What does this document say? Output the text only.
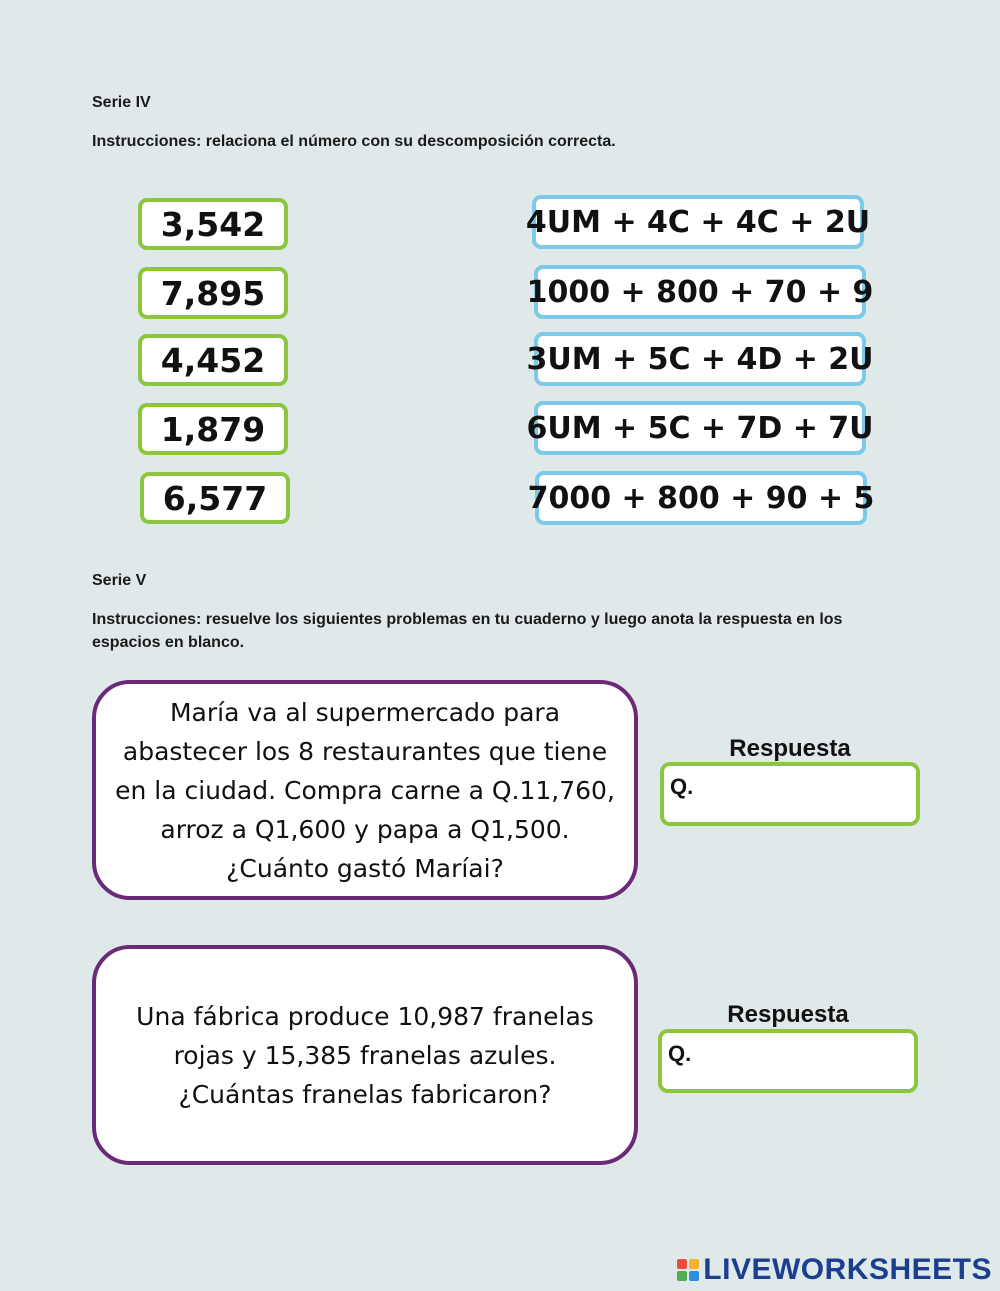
Serie IV
Instrucciones: relaciona el número con su descomposición correcta.
3,542
7,895
4,452
1,879
6,577
4UM + 4C + 4C + 2U
1000 + 800 + 70 + 9
3UM + 5C + 4D + 2U
6UM + 5C + 7D + 7U
7000 + 800 + 90 + 5
Serie V
Instrucciones: resuelve los siguientes problemas en tu cuaderno y luego anota la respuesta en los espacios en blanco.
María va al supermercado para abastecer los 8 restaurantes que tiene en la ciudad. Compra carne a Q.11,760, arroz a Q1,600 y papa a Q1,500. ¿Cuánto gastó Maríai?
Respuesta
Q.
Una fábrica produce 10,987 franelas rojas y 15,385 franelas azules. ¿Cuántas franelas fabricaron?
Respuesta
Q.
LIVEWORKSHEETS
